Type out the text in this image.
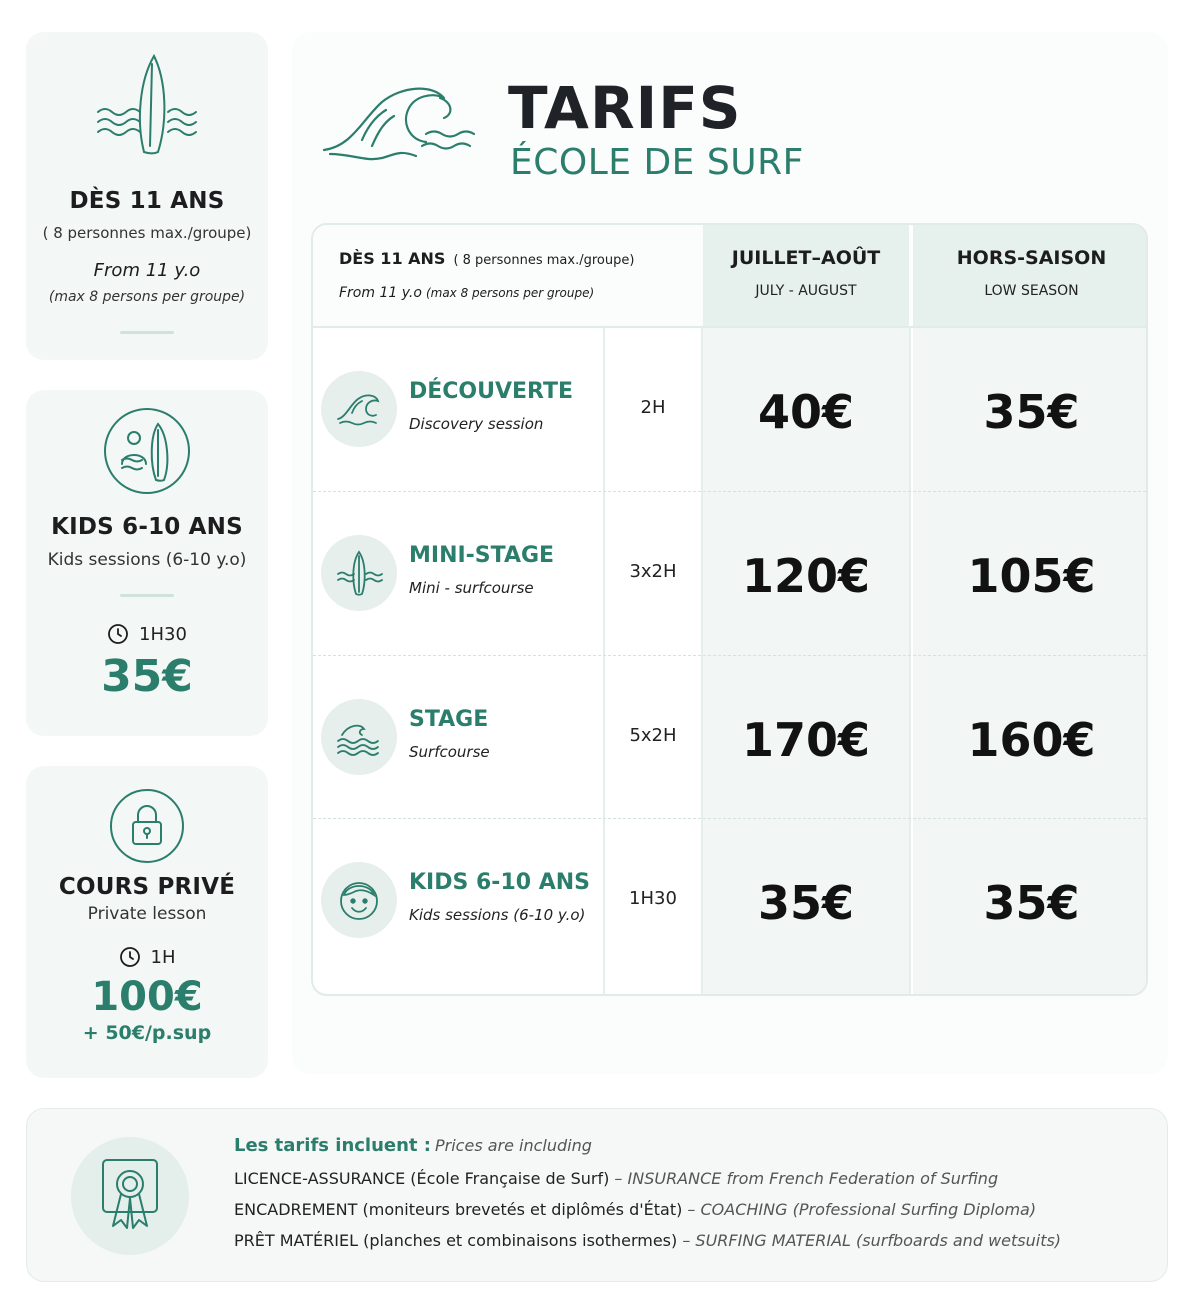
DÈS 11 ANS
( 8 personnes max./groupe)
From 11 y.o
(max 8 persons per groupe)
KIDS 6-10 ANS
Kids sessions (6-10 y.o)
1H30
35€
COURS PRIVÉ
Private lesson
1H
100€
+ 50€/p.sup
TARIFS
ÉCOLE DE SURF
DÈS 11 ANS ( 8 personnes max./groupe)
From 11 y.o (max 8 persons per groupe)
JUILLET–AOÛT
JULY - AUGUST
HORS-SAISON
LOW SEASON
DÉCOUVERTE
Discovery session
2H	40€	35€
MINI-STAGE
Mini - surfcourse
3x2H	120€	105€
STAGE
Surfcourse
5x2H	170€	160€
KIDS 6-10 ANS
Kids sessions (6-10 y.o)
1H30	35€	35€
Les tarifs incluent : Prices are including
LICENCE-ASSURANCE (École Française de Surf) – INSURANCE from French Federation of Surfing
ENCADREMENT (moniteurs brevetés et diplômés d'État) – COACHING (Professional Surfing Diploma)
PRÊT MATÉRIEL (planches et combinaisons isothermes) – SURFING MATERIAL (surfboards and wetsuits)
